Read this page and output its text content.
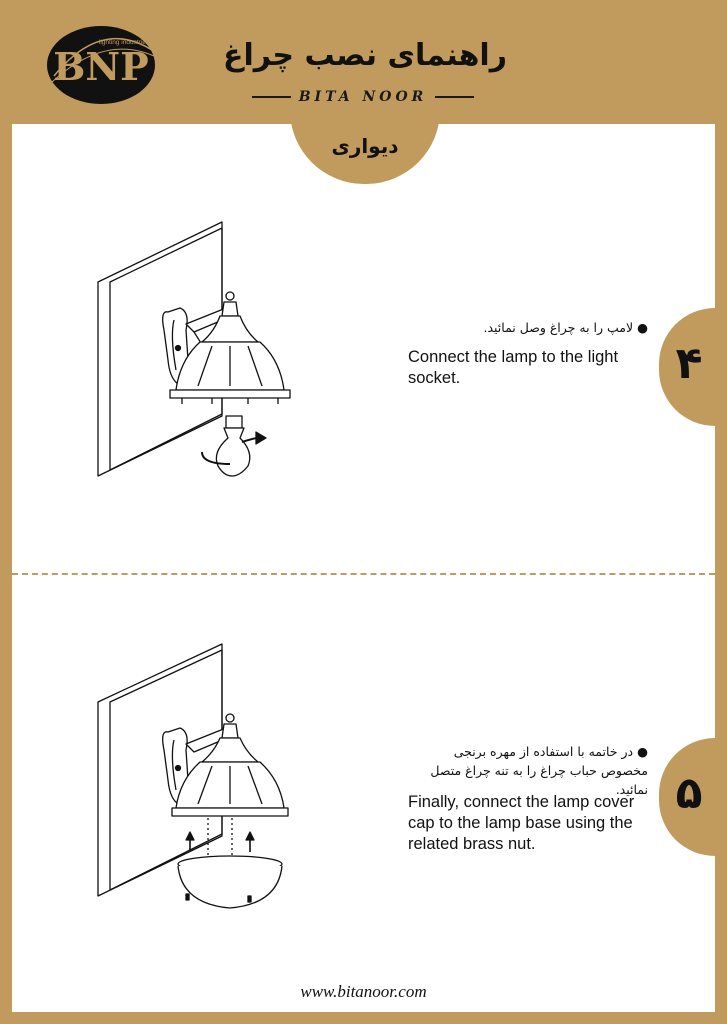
BNP
lighting industries راهنمای نصب چراغ
BITA NOOR
دیواری
● لامپ را به چراغ وصل نمائید.
Connect the lamp to the light socket.	۴
● در خاتمه با استفاده از مهره برنجی مخصوص حباب چراغ را به تنه چراغ متصل نمائید.
Finally, connect the lamp cover cap to the lamp base using the related brass nut.
۵
www.bitanoor.com
